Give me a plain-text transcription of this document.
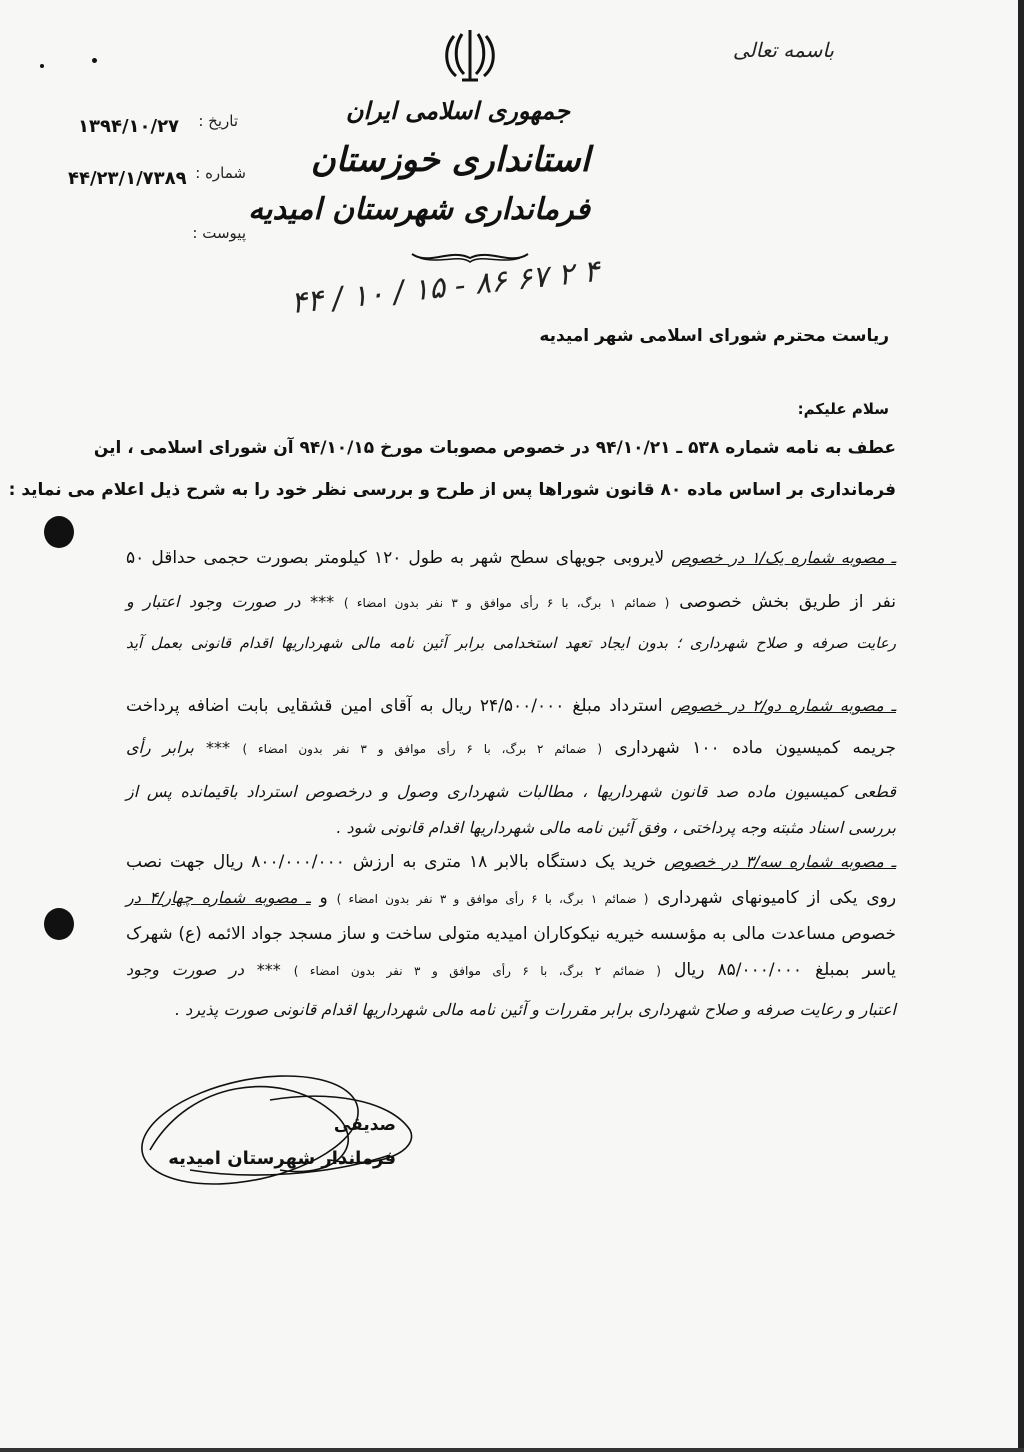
باسمه تعالی
جمهوری اسلامی ایران
استانداری خوزستان
فرمانداری شهرستان امیدیه
تاریخ :
۱۳۹۴/۱۰/۲۷
شماره :
۴۴/۲۳/۱/۷۳۸۹
پیوست :
۴۴ / ۱۰ / ۱۵ - ۸۶ ۶۷ ۲ ۴
ریاست محترم شورای اسلامی شهر امیدیه
سلام علیکم:
عطف به نامه شماره ۵۳۸ ـ ۹۴/۱۰/۲۱ در خصوص مصوبات مورخ ۹۴/۱۰/۱۵ آن شورای اسلامی ، این
فرمانداری بر اساس ماده ۸۰ قانون شوراها پس از طرح و بررسی نظر خود را به شرح ذیل اعلام می نماید :
ـ مصوبه شماره یک/۱ در خصوص لایروبی جویهای سطح شهر به طول ۱۲۰ کیلومتر بصورت حجمی حداقل ۵۰
نفر از طریق بخش خصوصی ( ضمائم ۱ برگ، با ۶ رأی موافق و ۳ نفر بدون امضاء ) *** در صورت وجود اعتبار و
رعایت صرفه و صلاح شهرداری ؛ بدون ایجاد تعهد استخدامی برابر آئین نامه مالی شهرداریها اقدام قانونی بعمل آید
ـ مصوبه شماره دو/۲ در خصوص استرداد مبلغ ۲۴/۵۰۰/۰۰۰ ریال به آقای امین قشقایی بابت اضافه پرداخت
جریمه کمیسیون ماده ۱۰۰ شهرداری ( ضمائم ۲ برگ، با ۶ رأی موافق و ۳ نفر بدون امضاء ) *** برابر رأی
قطعی کمیسیون ماده صد قانون شهرداریها ، مطالبات شهرداری وصول و درخصوص استرداد باقیمانده پس از
بررسی اسناد مثبته وجه پرداختی ، وفق آئین نامه مالی شهرداریها اقدام قانونی شود .
ـ مصوبه شماره سه/۳ در خصوص خرید یک دستگاه بالابر ۱۸ متری به ارزش ۸۰۰/۰۰۰/۰۰۰ ریال جهت نصب
روی یکی از کامیونهای شهرداری ( ضمائم ۱ برگ، با ۶ رأی موافق و ۳ نفر بدون امضاء ) و ـ مصوبه شماره چهار/۴ در
خصوص مساعدت مالی به مؤسسه خیریه نیکوکاران امیدیه متولی ساخت و ساز مسجد جواد الائمه (ع) شهرک
یاسر بمبلغ ۸۵/۰۰۰/۰۰۰ ریال ( ضمائم ۲ برگ، با ۶ رأی موافق و ۳ نفر بدون امضاء ) *** در صورت وجود
اعتبار و رعایت صرفه و صلاح شهرداری برابر مقررات و آئین نامه مالی شهرداریها اقدام قانونی صورت پذیرد .
صدیقی
فرماندار شهرستان امیدیه
